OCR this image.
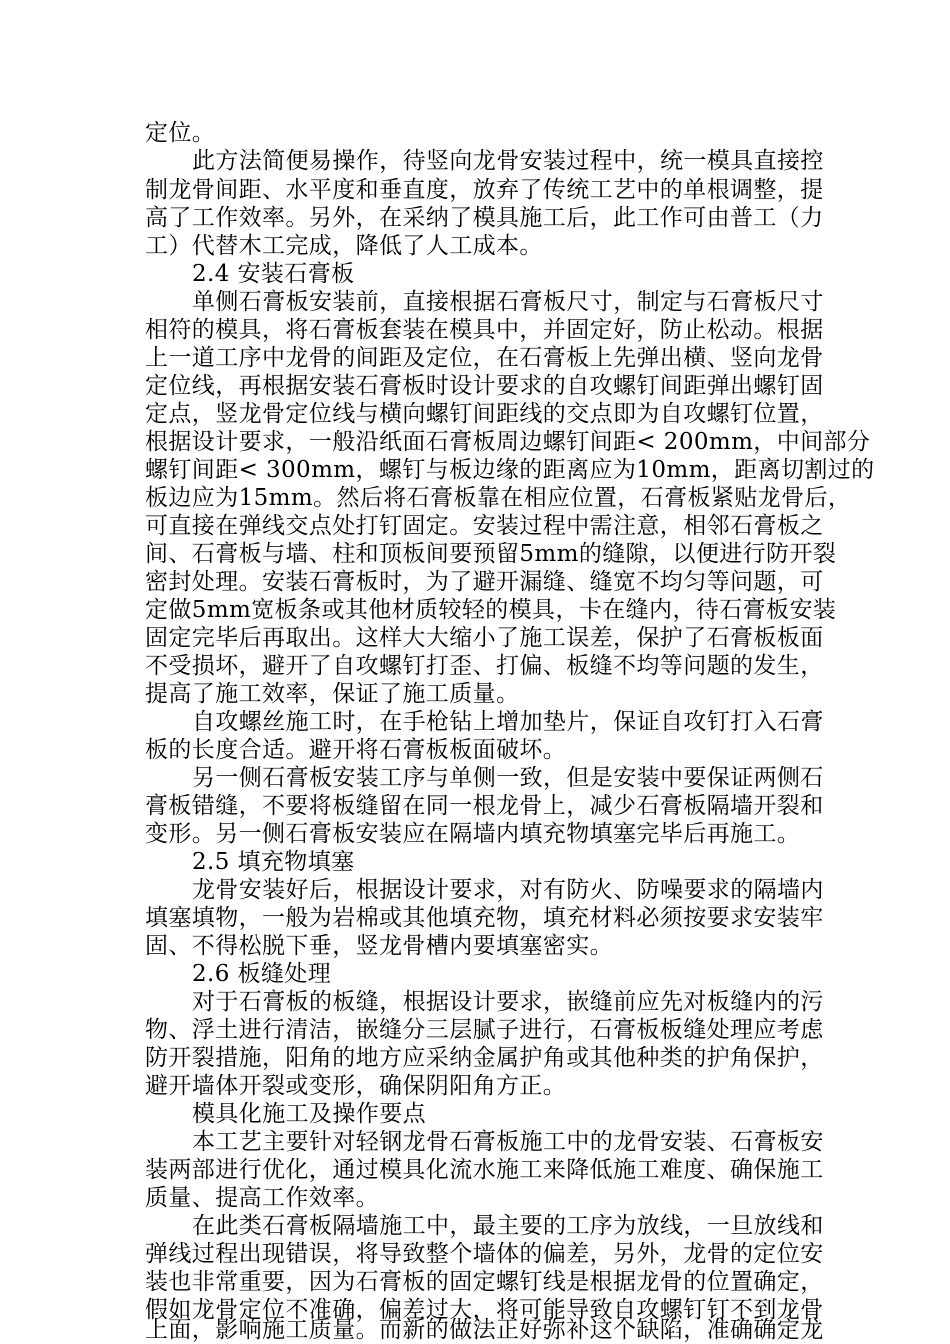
定位。
此方法简便易操作，待竖向龙骨安装过程中，统一模具直接控
制龙骨间距、水平度和垂直度，放弃了传统工艺中的单根调整，提
高了工作效率。另外，在采纳了模具施工后，此工作可由普工（力
工）代替木工完成，降低了人工成本。
2.4 安装石膏板
单侧石膏板安装前，直接根据石膏板尺寸，制定与石膏板尺寸
相符的模具，将石膏板套装在模具中，并固定好，防止松动。根据
上一道工序中龙骨的间距及定位，在石膏板上先弹出横、竖向龙骨
定位线，再根据安装石膏板时设计要求的自攻螺钉间距弹出螺钉固
定点，竖龙骨定位线与横向螺钉间距线的交点即为自攻螺钉位置，
根据设计要求，一般沿纸面石膏板周边螺钉间距< 200mm，中间部分
螺钉间距< 300mm，螺钉与板边缘的距离应为10mm，距离切割过的
板边应为15mm。然后将石膏板靠在相应位置，石膏板紧贴龙骨后，
可直接在弹线交点处打钉固定。安装过程中需注意，相邻石膏板之
间、石膏板与墙、柱和顶板间要预留5mm的缝隙，以便进行防开裂
密封处理。安装石膏板时，为了避开漏缝、缝宽不均匀等问题，可
定做5mm宽板条或其他材质较轻的模具，卡在缝内，待石膏板安装
固定完毕后再取出。这样大大缩小了施工误差，保护了石膏板板面
不受损坏，避开了自攻螺钉打歪、打偏、板缝不均等问题的发生，
提高了施工效率，保证了施工质量。
自攻螺丝施工时，在手枪钻上增加垫片，保证自攻钉打入石膏
板的长度合适。避开将石膏板板面破坏。
另一侧石膏板安装工序与单侧一致，但是安装中要保证两侧石
膏板错缝，不要将板缝留在同一根龙骨上，减少石膏板隔墙开裂和
变形。另一侧石膏板安装应在隔墙内填充物填塞完毕后再施工。
2.5 填充物填塞
龙骨安装好后，根据设计要求，对有防火、防噪要求的隔墙内
填塞填物，一般为岩棉或其他填充物，填充材料必须按要求安装牢
固、不得松脱下垂，竖龙骨槽内要填塞密实。
2.6 板缝处理
对于石膏板的板缝，根据设计要求，嵌缝前应先对板缝内的污
物、浮土进行清洁，嵌缝分三层腻子进行，石膏板板缝处理应考虑
防开裂措施，阳角的地方应采纳金属护角或其他种类的护角保护，
避开墙体开裂或变形，确保阴阳角方正。
模具化施工及操作要点
本工艺主要针对轻钢龙骨石膏板施工中的龙骨安装、石膏板安
装两部进行优化，通过模具化流水施工来降低施工难度、确保施工
质量、提高工作效率。
在此类石膏板隔墙施工中，最主要的工序为放线，一旦放线和
弹线过程出现错误，将导致整个墙体的偏差，另外，龙骨的定位安
装也非常重要，因为石膏板的固定螺钉线是根据龙骨的位置确定，
假如龙骨定位不准确，偏差过大，将可能导致自攻螺钉钉不到龙骨
上面，影响施工质量。而新的做法正好弥补这个缺陷，准确确定龙
